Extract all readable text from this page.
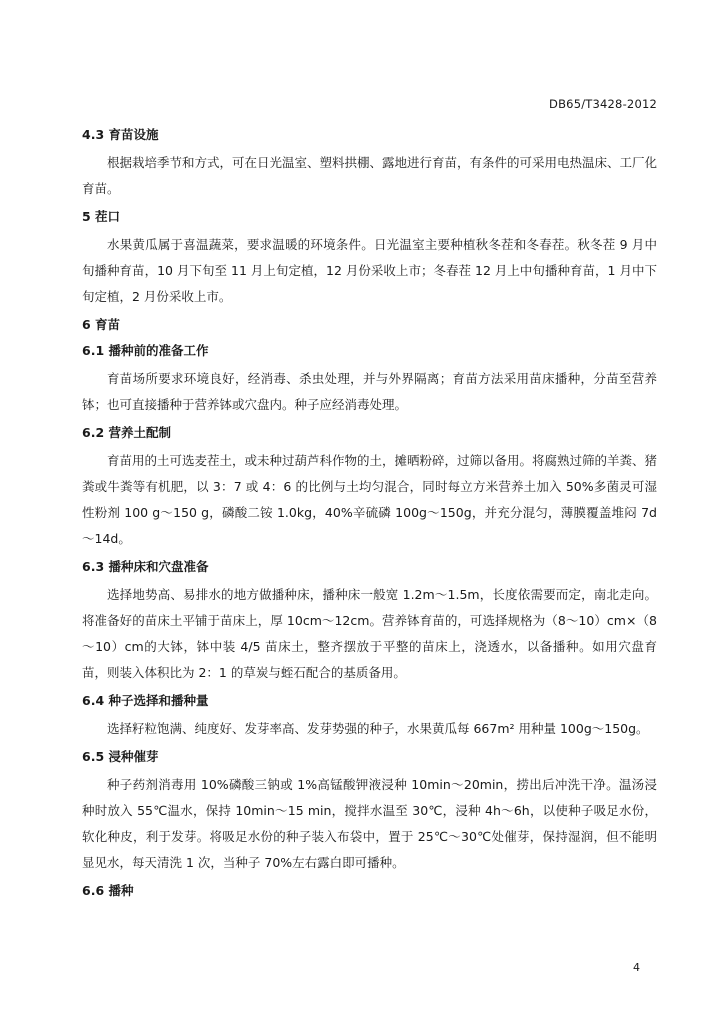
DB65/T3428-2012
4.3 育苗设施

根据栽培季节和方式，可在日光温室、塑料拱棚、露地进行育苗，有条件的可采用电热温床、工厂化育苗。

5 茬口

水果黄瓜属于喜温蔬菜，要求温暖的环境条件。日光温室主要种植秋冬茬和冬春茬。秋冬茬 9 月中旬播种育苗，10 月下旬至 11 月上旬定植，12 月份采收上市；冬春茬 12 月上中旬播种育苗，1 月中下旬定植，2 月份采收上市。

6 育苗
6.1 播种前的准备工作

育苗场所要求环境良好，经消毒、杀虫处理，并与外界隔离；育苗方法采用苗床播种，分苗至营养钵；也可直接播种于营养钵或穴盘内。种子应经消毒处理。

6.2 营养土配制

育苗用的土可选麦茬土，或未种过葫芦科作物的土，摊晒粉碎，过筛以备用。将腐熟过筛的羊粪、猪粪或牛粪等有机肥，以 3：7 或 4：6 的比例与土均匀混合，同时每立方米营养土加入 50%多菌灵可湿性粉剂 100 g～150 g，磷酸二铵 1.0kg，40%辛硫磷 100g～150g，并充分混匀，薄膜覆盖堆闷 7d～14d。

6.3 播种床和穴盘准备

选择地势高、易排水的地方做播种床，播种床一般宽 1.2m～1.5m，长度依需要而定，南北走向。将准备好的苗床土平铺于苗床上，厚 10cm～12cm。营养钵育苗的，可选择规格为（8～10）cm×（8～10）cm的大钵，钵中装 4/5 苗床土，整齐摆放于平整的苗床上，浇透水，以备播种。如用穴盘育苗，则装入体积比为 2：1 的草炭与蛭石配合的基质备用。

6.4 种子选择和播种量

选择籽粒饱满、纯度好、发芽率高、发芽势强的种子，水果黄瓜每 667m² 用种量 100g～150g。

6.5 浸种催芽

种子药剂消毒用 10%磷酸三钠或 1%高锰酸钾液浸种 10min～20min，捞出后冲洗干净。温汤浸种时放入 55℃温水，保持 10min～15 min，搅拌水温至 30℃，浸种 4h～6h，以使种子吸足水份，软化种皮，利于发芽。将吸足水份的种子装入布袋中，置于 25℃～30℃处催芽，保持湿润，但不能明显见水，每天清洗 1 次，当种子 70%左右露白即可播种。

6.6 播种
4
